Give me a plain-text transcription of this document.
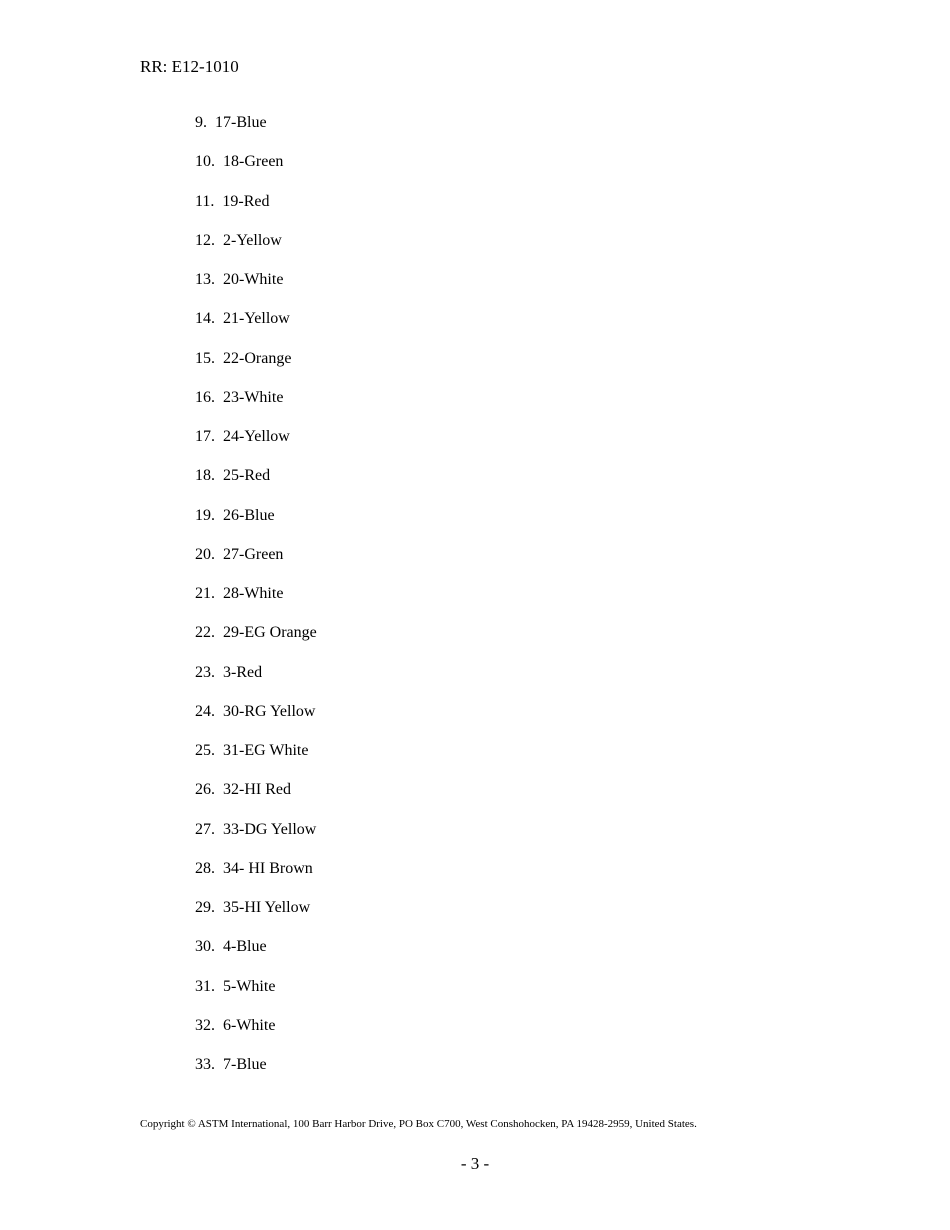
RR: E12-1010
9. 17-Blue
10. 18-Green
11. 19-Red
12. 2-Yellow
13. 20-White
14. 21-Yellow
15. 22-Orange
16. 23-White
17. 24-Yellow
18. 25-Red
19. 26-Blue
20. 27-Green
21. 28-White
22. 29-EG Orange
23. 3-Red
24. 30-RG Yellow
25. 31-EG White
26. 32-HI Red
27. 33-DG Yellow
28. 34- HI Brown
29. 35-HI Yellow
30. 4-Blue
31. 5-White
32. 6-White
33. 7-Blue
Copyright © ASTM International, 100 Barr Harbor Drive, PO Box C700, West Conshohocken, PA 19428-2959, United States.
- 3 -
